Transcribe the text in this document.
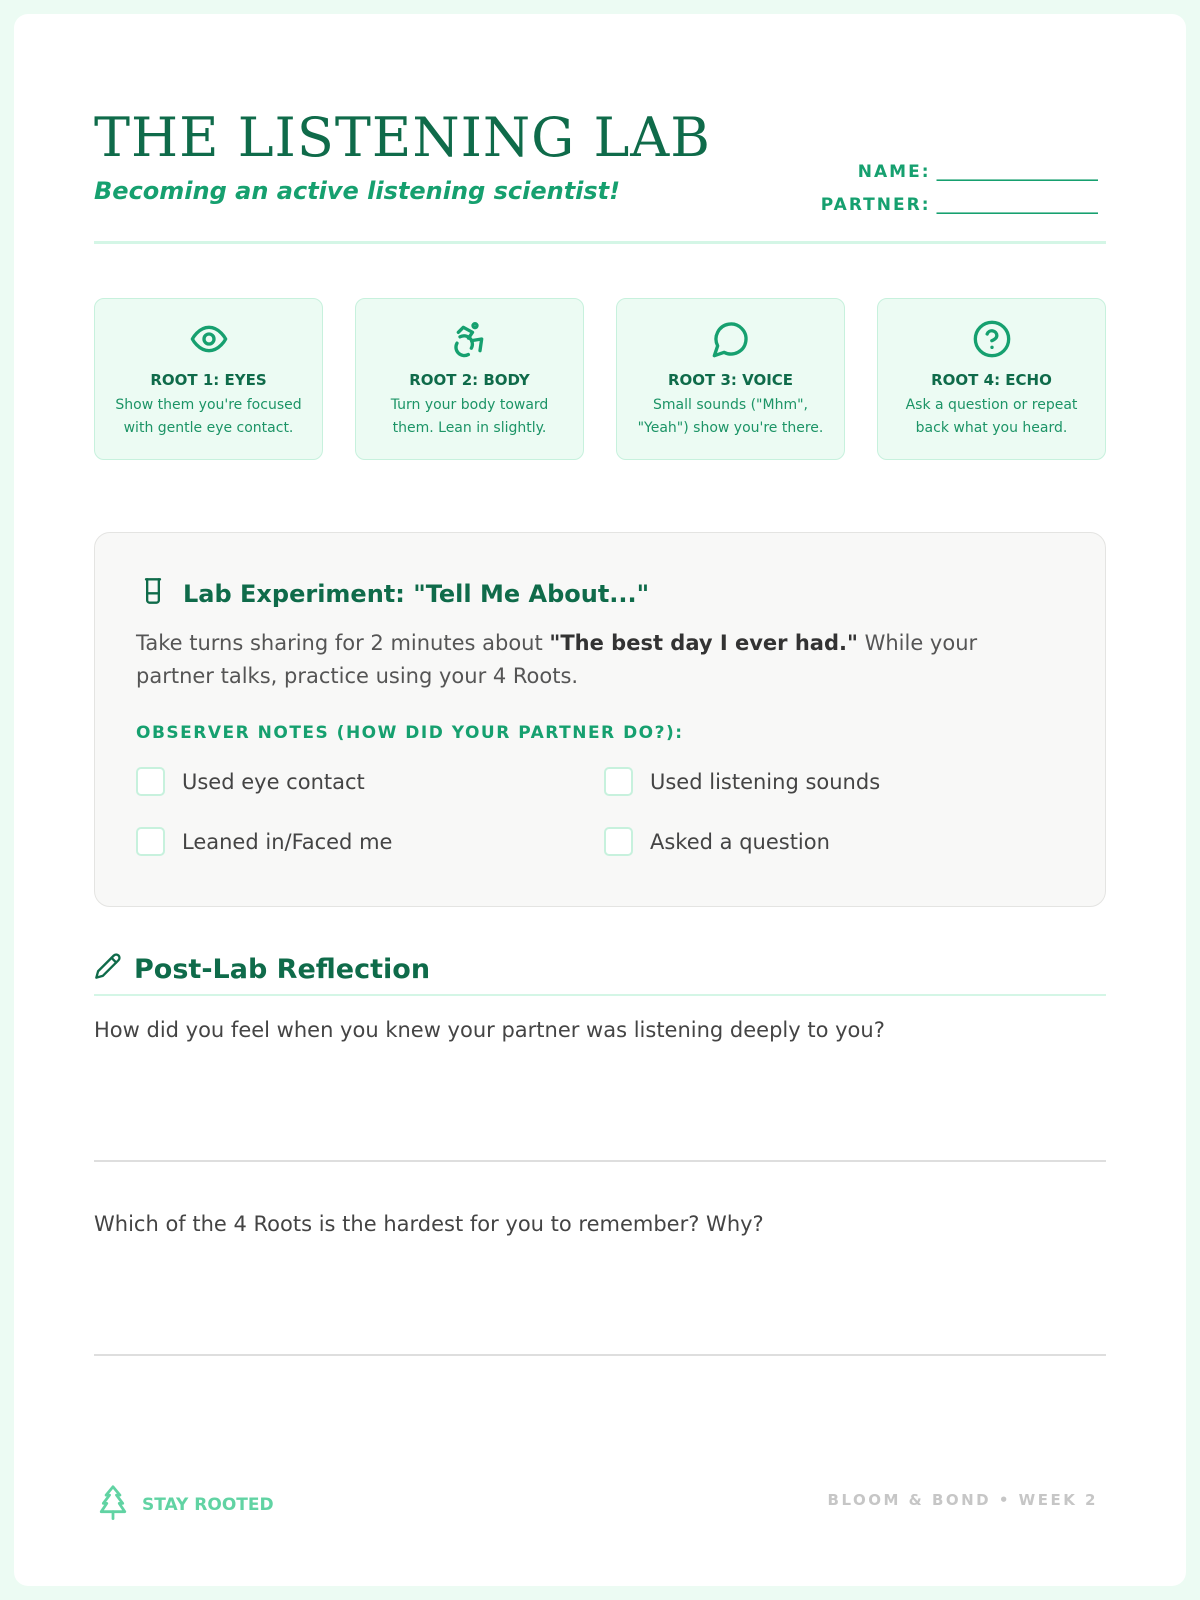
THE LISTENING LAB
Becoming an active listening scientist!
NAME: ___________________
PARTNER: ___________________
ROOT 1: EYES
Show them you're focused with gentle eye contact.
ROOT 2: BODY
Turn your body toward them. Lean in slightly.
ROOT 3: VOICE
Small sounds ("Mhm", "Yeah") show you're there.
ROOT 4: ECHO
Ask a question or repeat back what you heard.
Lab Experiment: "Tell Me About..."
Take turns sharing for 2 minutes about "The best day I ever had." While your partner talks, practice using your 4 Roots.
OBSERVER NOTES (HOW DID YOUR PARTNER DO?):
Used eye contact	Used listening sounds
Leaned in/Faced me	Asked a question
Post-Lab Reflection
How did you feel when you knew your partner was listening deeply to you?
Which of the 4 Roots is the hardest for you to remember? Why?
STAY ROOTED	BLOOM & BOND • WEEK 2
